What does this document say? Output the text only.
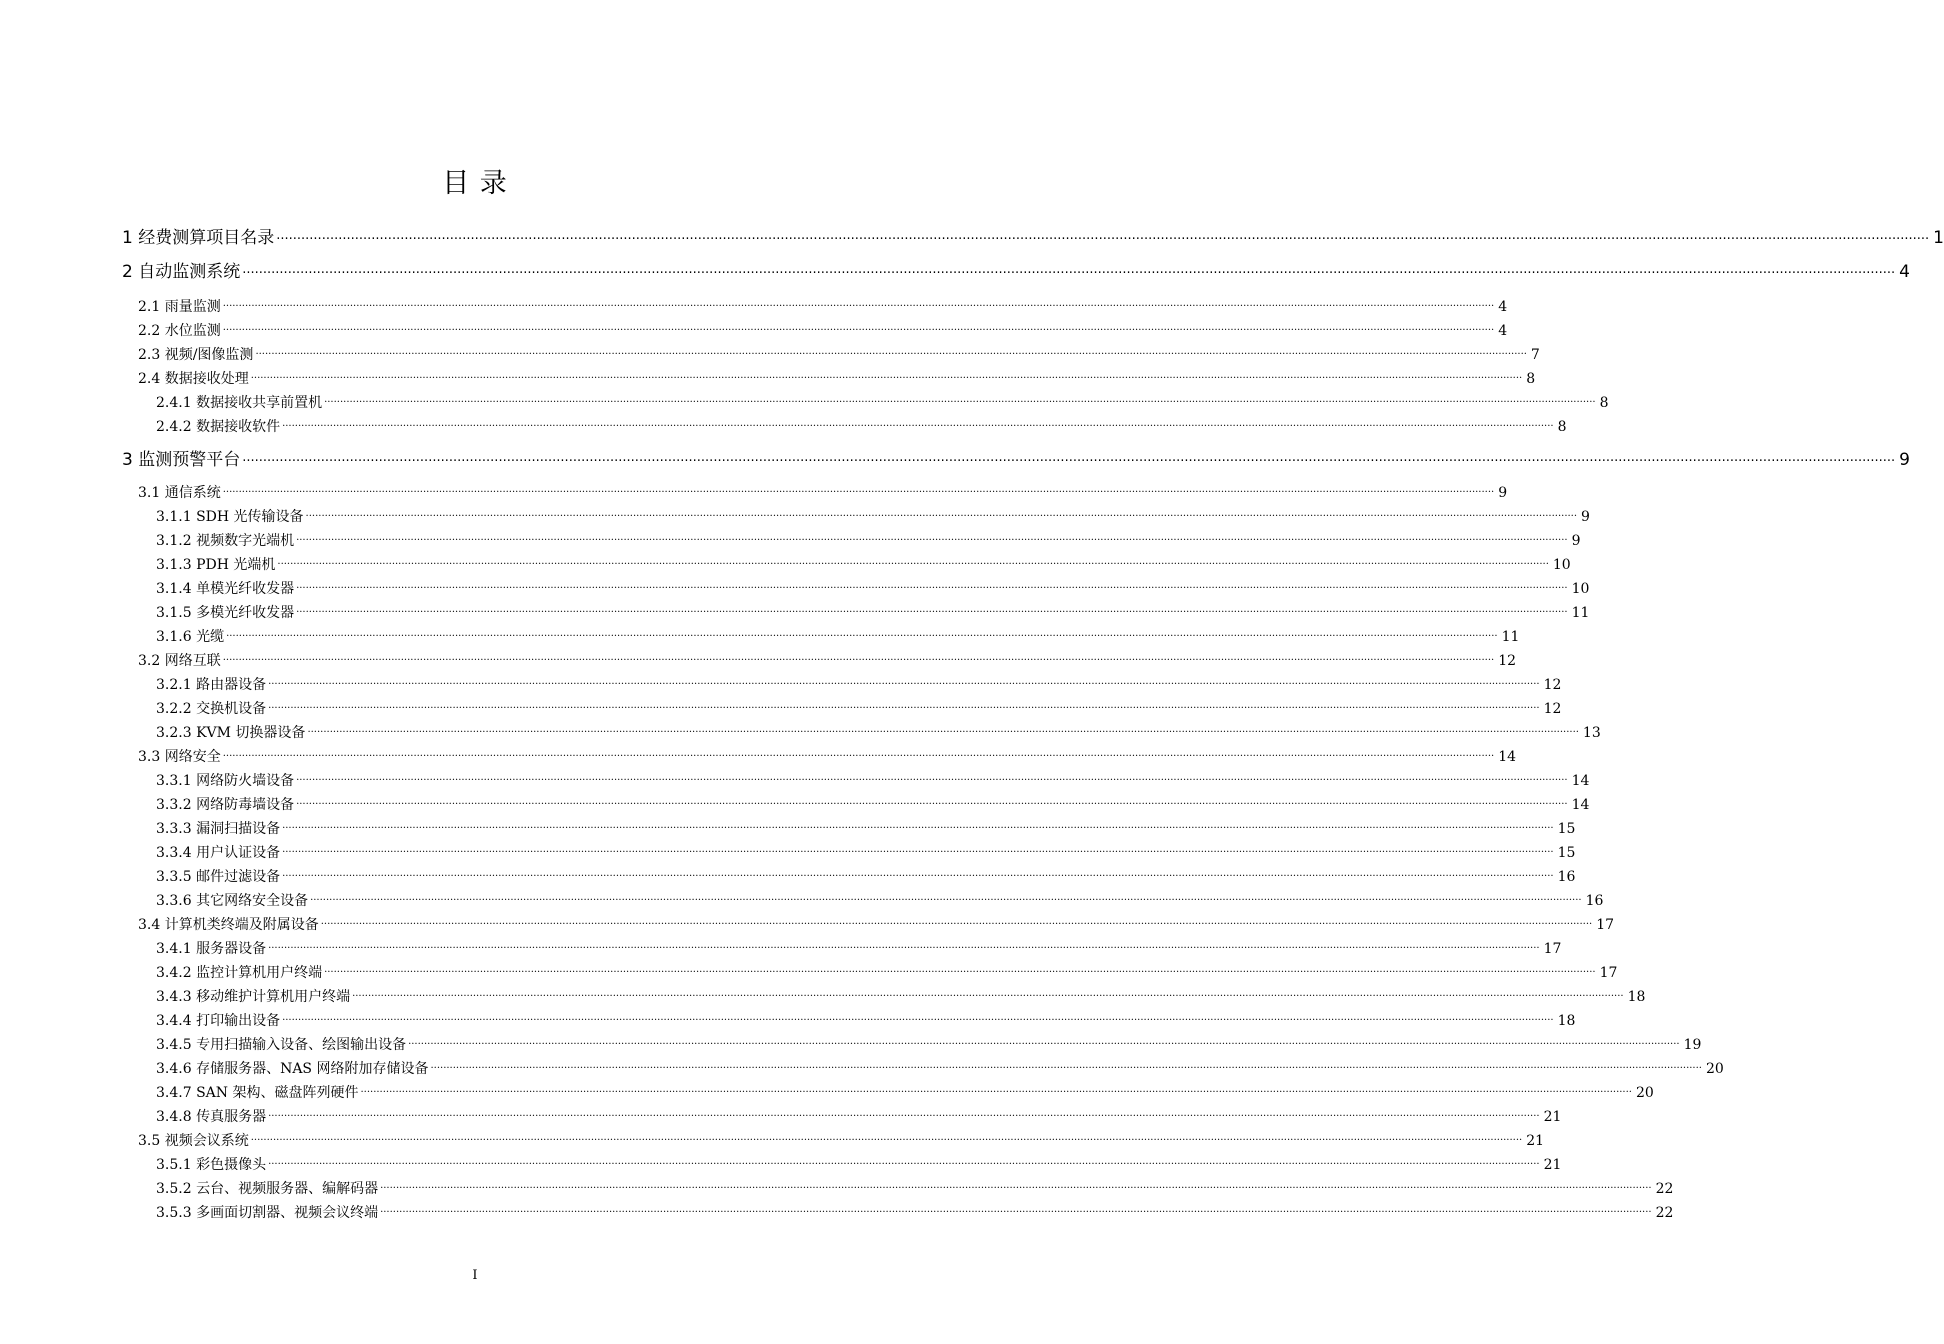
目 录
1 经费测算项目名录 ................................................................................................................................................................................................................................................................................................................................................................................................................ 1
2 自动监测系统 ................................................................................................................................................................................................................................................................................................................................................................................................................ 4
2.1 雨量监测 ................................................................................................................................................................................................................................................................................................................................................................................................................ 4
2.2 水位监测 ................................................................................................................................................................................................................................................................................................................................................................................................................ 4
2.3 视频/图像监测 ................................................................................................................................................................................................................................................................................................................................................................................................................ 7
2.4 数据接收处理 ................................................................................................................................................................................................................................................................................................................................................................................................................ 8
2.4.1 数据接收共享前置机 ................................................................................................................................................................................................................................................................................................................................................................................................................ 8
2.4.2 数据接收软件 ................................................................................................................................................................................................................................................................................................................................................................................................................ 8
3 监测预警平台 ................................................................................................................................................................................................................................................................................................................................................................................................................ 9
3.1 通信系统 ................................................................................................................................................................................................................................................................................................................................................................................................................ 9
3.1.1 SDH 光传输设备 ................................................................................................................................................................................................................................................................................................................................................................................................................ 9
3.1.2 视频数字光端机 ................................................................................................................................................................................................................................................................................................................................................................................................................ 9
3.1.3 PDH 光端机 ................................................................................................................................................................................................................................................................................................................................................................................................................ 10
3.1.4 单模光纤收发器 ................................................................................................................................................................................................................................................................................................................................................................................................................ 10
3.1.5 多模光纤收发器 ................................................................................................................................................................................................................................................................................................................................................................................................................ 11
3.1.6 光缆 ................................................................................................................................................................................................................................................................................................................................................................................................................ 11
3.2 网络互联 ................................................................................................................................................................................................................................................................................................................................................................................................................ 12
3.2.1 路由器设备 ................................................................................................................................................................................................................................................................................................................................................................................................................ 12
3.2.2 交换机设备 ................................................................................................................................................................................................................................................................................................................................................................................................................ 12
3.2.3 KVM 切换器设备 ................................................................................................................................................................................................................................................................................................................................................................................................................ 13
3.3 网络安全 ................................................................................................................................................................................................................................................................................................................................................................................................................ 14
3.3.1 网络防火墙设备 ................................................................................................................................................................................................................................................................................................................................................................................................................ 14
3.3.2 网络防毒墙设备 ................................................................................................................................................................................................................................................................................................................................................................................................................ 14
3.3.3 漏洞扫描设备 ................................................................................................................................................................................................................................................................................................................................................................................................................ 15
3.3.4 用户认证设备 ................................................................................................................................................................................................................................................................................................................................................................................................................ 15
3.3.5 邮件过滤设备 ................................................................................................................................................................................................................................................................................................................................................................................................................ 16
3.3.6 其它网络安全设备 ................................................................................................................................................................................................................................................................................................................................................................................................................ 16
3.4 计算机类终端及附属设备 ................................................................................................................................................................................................................................................................................................................................................................................................................ 17
3.4.1 服务器设备 ................................................................................................................................................................................................................................................................................................................................................................................................................ 17
3.4.2 监控计算机用户终端 ................................................................................................................................................................................................................................................................................................................................................................................................................ 17
3.4.3 移动维护计算机用户终端 ................................................................................................................................................................................................................................................................................................................................................................................................................ 18
3.4.4 打印输出设备 ................................................................................................................................................................................................................................................................................................................................................................................................................ 18
3.4.5 专用扫描输入设备、绘图输出设备 ................................................................................................................................................................................................................................................................................................................................................................................................................ 19
3.4.6 存储服务器、NAS 网络附加存储设备 ................................................................................................................................................................................................................................................................................................................................................................................................................ 20
3.4.7 SAN 架构、磁盘阵列硬件 ................................................................................................................................................................................................................................................................................................................................................................................................................ 20
3.4.8 传真服务器 ................................................................................................................................................................................................................................................................................................................................................................................................................ 21
3.5 视频会议系统 ................................................................................................................................................................................................................................................................................................................................................................................................................ 21
3.5.1 彩色摄像头 ................................................................................................................................................................................................................................................................................................................................................................................................................ 21
3.5.2 云台、视频服务器、编解码器 ................................................................................................................................................................................................................................................................................................................................................................................................................ 22
3.5.3 多画面切割器、视频会议终端 ................................................................................................................................................................................................................................................................................................................................................................................................................ 22
I
